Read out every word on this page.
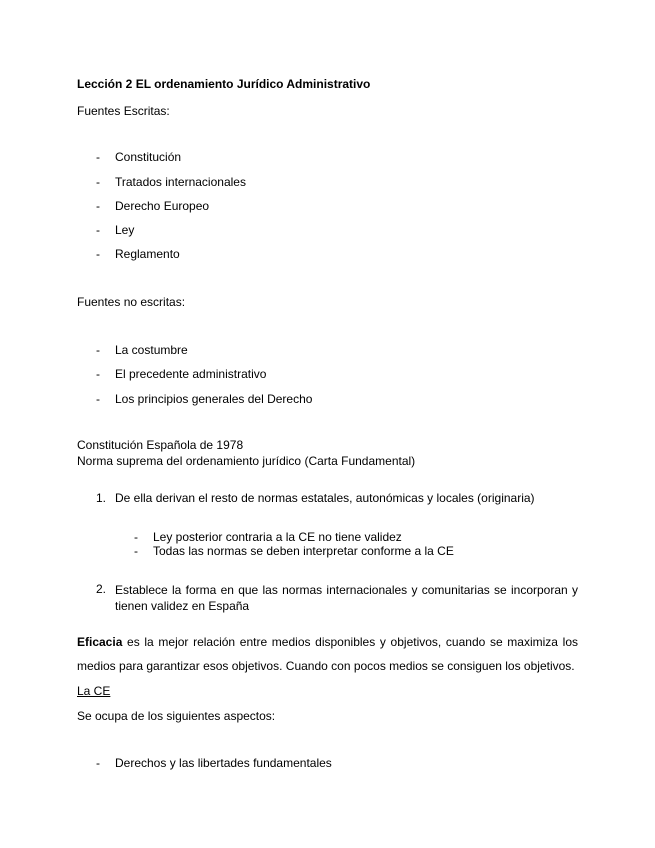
Lección 2 EL ordenamiento Jurídico Administrativo
Fuentes Escritas:
- Constitución
- Tratados internacionales
- Derecho Europeo
- Ley
- Reglamento
Fuentes no escritas:
- La costumbre
- El precedente administrativo
- Los principios generales del Derecho
Constitución Española de 1978
Norma suprema del ordenamiento jurídico (Carta Fundamental)
1. De ella derivan el resto de normas estatales, autonómicas y locales (originaria)
- Ley posterior contraria a la CE no tiene validez
- Todas las normas se deben interpretar conforme a la CE
2. Establece la forma en que las normas internacionales y comunitarias se incorporan y tienen validez en España
Eficacia es la mejor relación entre medios disponibles y objetivos, cuando se maximiza los medios para garantizar esos objetivos. Cuando con pocos medios se consiguen los objetivos.
La CE
Se ocupa de los siguientes aspectos:
- Derechos y las libertades fundamentales
